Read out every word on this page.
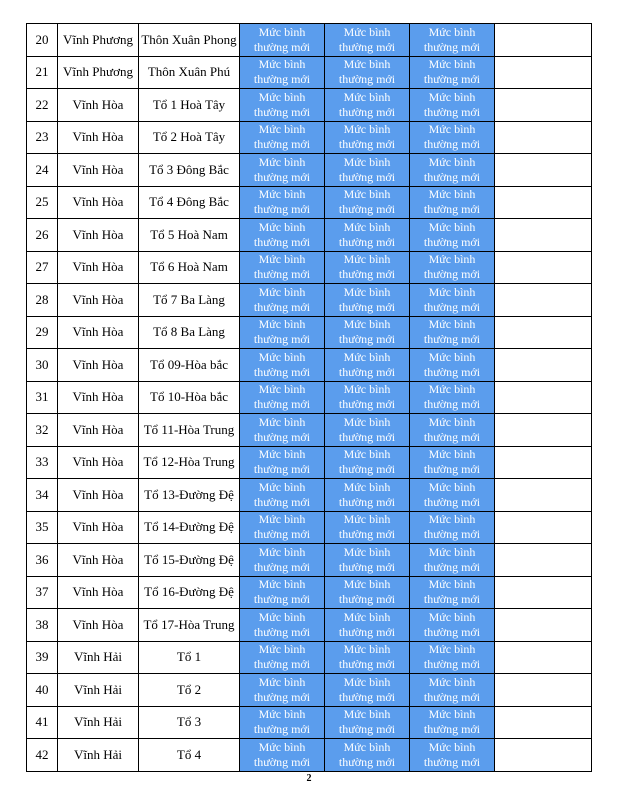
20	Vĩnh Phương	Thôn Xuân Phong	Mức bình thường mới	Mức bình thường mới	Mức bình thường mới	
21	Vĩnh Phương	Thôn Xuân Phú	Mức bình thường mới	Mức bình thường mới	Mức bình thường mới	
22	Vĩnh Hòa	Tổ 1 Hoà Tây	Mức bình thường mới	Mức bình thường mới	Mức bình thường mới	
23	Vĩnh Hòa	Tổ 2 Hoà Tây	Mức bình thường mới	Mức bình thường mới	Mức bình thường mới	
24	Vĩnh Hòa	Tổ 3 Đông Bắc	Mức bình thường mới	Mức bình thường mới	Mức bình thường mới	
25	Vĩnh Hòa	Tổ 4 Đông Bắc	Mức bình thường mới	Mức bình thường mới	Mức bình thường mới	
26	Vĩnh Hòa	Tổ 5 Hoà Nam	Mức bình thường mới	Mức bình thường mới	Mức bình thường mới	
27	Vĩnh Hòa	Tổ 6 Hoà Nam	Mức bình thường mới	Mức bình thường mới	Mức bình thường mới	
28	Vĩnh Hòa	Tổ 7 Ba Làng	Mức bình thường mới	Mức bình thường mới	Mức bình thường mới	
29	Vĩnh Hòa	Tổ 8 Ba Làng	Mức bình thường mới	Mức bình thường mới	Mức bình thường mới	
30	Vĩnh Hòa	Tổ 09-Hòa bắc	Mức bình thường mới	Mức bình thường mới	Mức bình thường mới	
31	Vĩnh Hòa	Tổ 10-Hòa bắc	Mức bình thường mới	Mức bình thường mới	Mức bình thường mới	
32	Vĩnh Hòa	Tổ 11-Hòa Trung	Mức bình thường mới	Mức bình thường mới	Mức bình thường mới	
33	Vĩnh Hòa	Tổ 12-Hòa Trung	Mức bình thường mới	Mức bình thường mới	Mức bình thường mới	
34	Vĩnh Hòa	Tổ 13-Đường Đệ	Mức bình thường mới	Mức bình thường mới	Mức bình thường mới	
35	Vĩnh Hòa	Tổ 14-Đường Đệ	Mức bình thường mới	Mức bình thường mới	Mức bình thường mới	
36	Vĩnh Hòa	Tổ 15-Đường Đệ	Mức bình thường mới	Mức bình thường mới	Mức bình thường mới	
37	Vĩnh Hòa	Tổ 16-Đường Đệ	Mức bình thường mới	Mức bình thường mới	Mức bình thường mới	
38	Vĩnh Hòa	Tổ 17-Hòa Trung	Mức bình thường mới	Mức bình thường mới	Mức bình thường mới	
39	Vĩnh Hải	Tổ 1	Mức bình thường mới	Mức bình thường mới	Mức bình thường mới	
40	Vĩnh Hải	Tổ 2	Mức bình thường mới	Mức bình thường mới	Mức bình thường mới	
41	Vĩnh Hải	Tổ 3	Mức bình thường mới	Mức bình thường mới	Mức bình thường mới	
42	Vĩnh Hải	Tổ 4	Mức bình thường mới	Mức bình thường mới	Mức bình thường mới	
2
